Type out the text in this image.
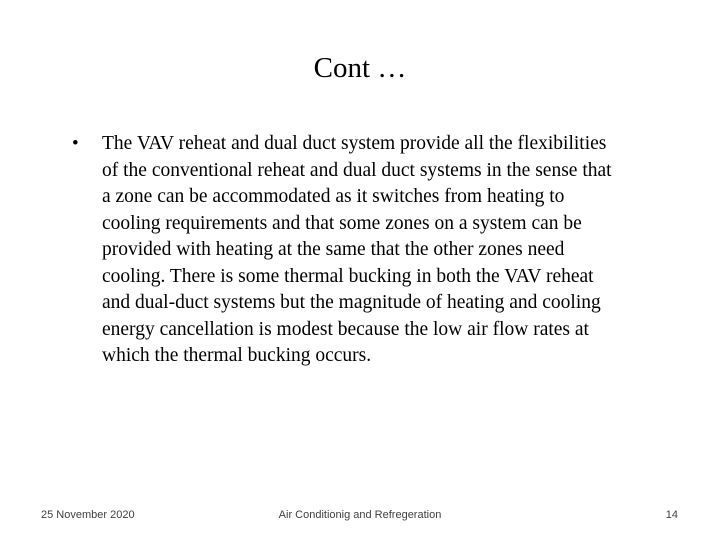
Cont …
•	The VAV reheat and dual duct system provide all the flexibilities
of the conventional reheat and dual duct systems in the sense that
a zone can be accommodated as it switches from heating to
cooling requirements and that some zones on a system can be
provided with heating at the same that the other zones need
cooling. There is some thermal bucking in both the VAV reheat
and dual-duct systems but the magnitude of heating and cooling
energy cancellation is modest because the low air flow rates at
which the thermal bucking occurs.
25 November 2020	Air Conditionig and Refregeration	14
